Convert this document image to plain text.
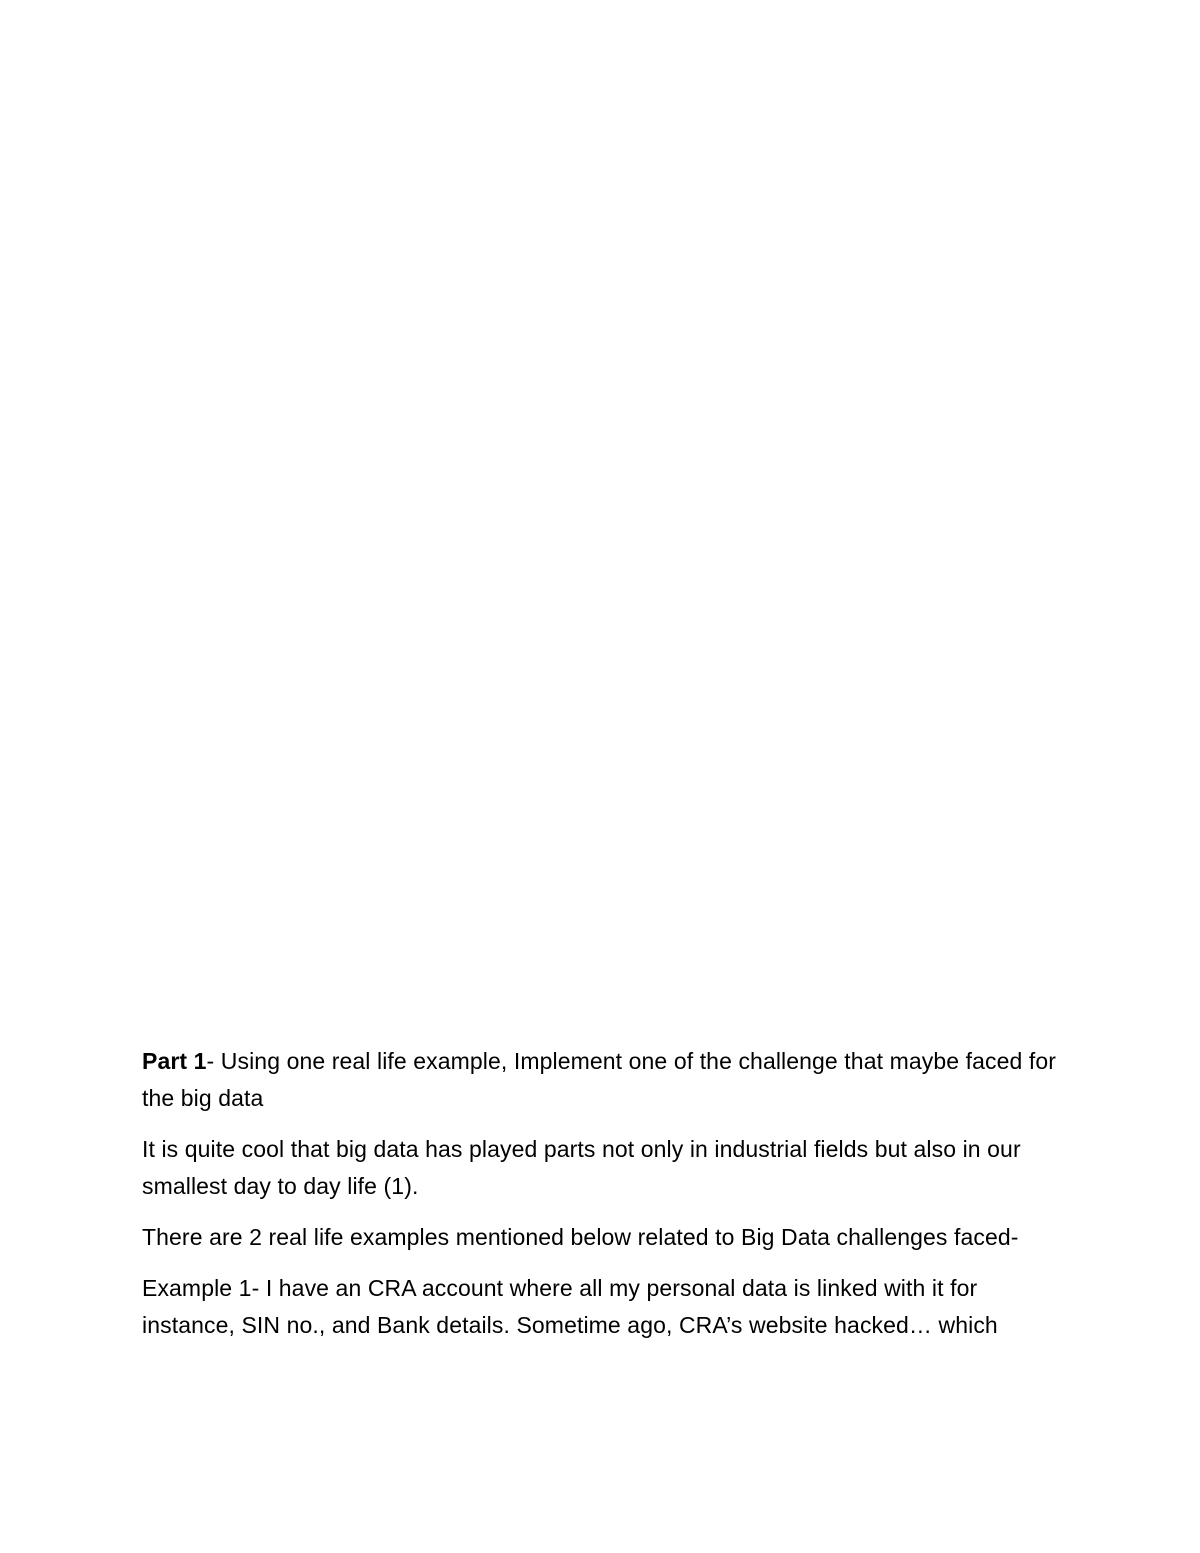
Part 1- Using one real life example, Implement one of the challenge that maybe faced for the big data

It is quite cool that big data has played parts not only in industrial fields but also in our smallest day to day life (1).

There are 2 real life examples mentioned below related to Big Data challenges faced-

Example 1- I have an CRA account where all my personal data is linked with it for instance, SIN no., and Bank details. Sometime ago, CRA’s website hacked… which
